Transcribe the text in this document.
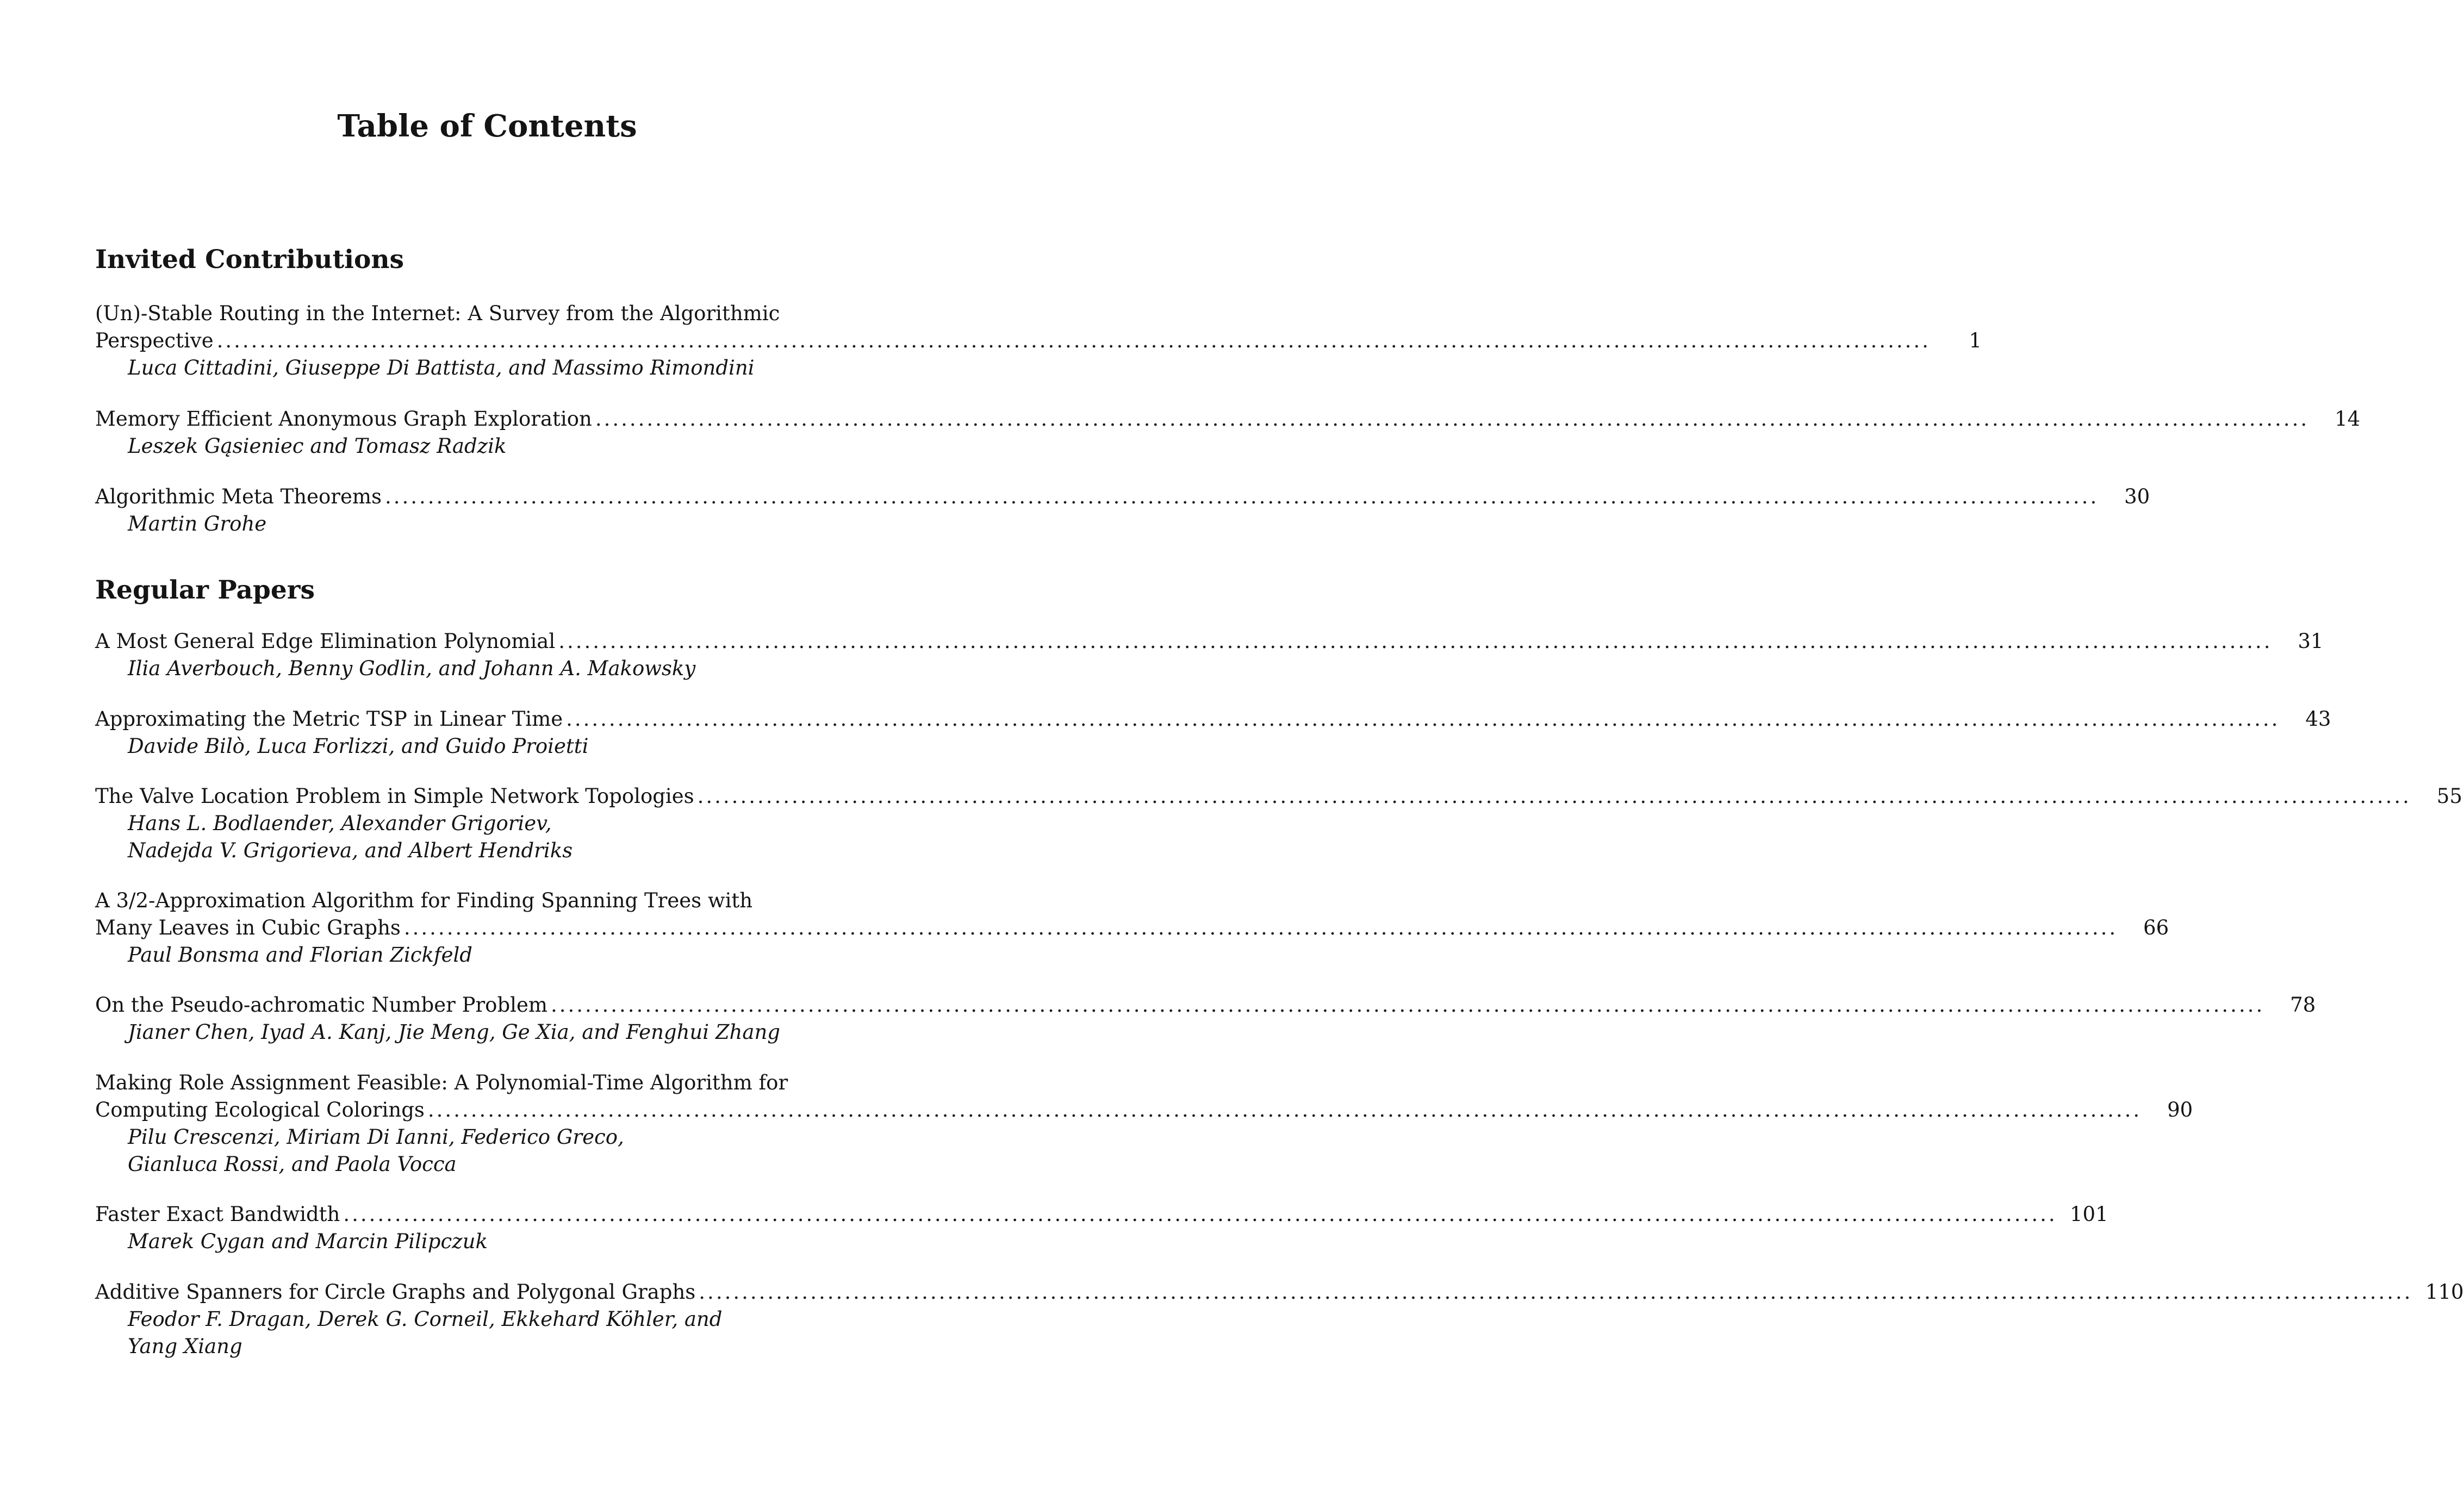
Table of Contents
Invited Contributions
(Un)-Stable Routing in the Internet: A Survey from the Algorithmic
Perspective ........................................................................................................................................................................................................	1
Luca Cittadini, Giuseppe Di Battista, and Massimo Rimondini
Memory Efficient Anonymous Graph Exploration ........................................................................................................................................................................................................	14
Leszek Gąsieniec and Tomasz Radzik
Algorithmic Meta Theorems ........................................................................................................................................................................................................	30
Martin Grohe
Regular Papers
A Most General Edge Elimination Polynomial ........................................................................................................................................................................................................	31
Ilia Averbouch, Benny Godlin, and Johann A. Makowsky
Approximating the Metric TSP in Linear Time ........................................................................................................................................................................................................	43
Davide Bilò, Luca Forlizzi, and Guido Proietti
The Valve Location Problem in Simple Network Topologies ........................................................................................................................................................................................................	55
Hans L. Bodlaender, Alexander Grigoriev,
Nadejda V. Grigorieva, and Albert Hendriks
A 3/2-Approximation Algorithm for Finding Spanning Trees with
Many Leaves in Cubic Graphs ........................................................................................................................................................................................................	66
Paul Bonsma and Florian Zickfeld
On the Pseudo-achromatic Number Problem ........................................................................................................................................................................................................	78
Jianer Chen, Iyad A. Kanj, Jie Meng, Ge Xia, and Fenghui Zhang
Making Role Assignment Feasible: A Polynomial-Time Algorithm for
Computing Ecological Colorings ........................................................................................................................................................................................................	90
Pilu Crescenzi, Miriam Di Ianni, Federico Greco,
Gianluca Rossi, and Paola Vocca
Faster Exact Bandwidth ........................................................................................................................................................................................................ 101
Marek Cygan and Marcin Pilipczuk
Additive Spanners for Circle Graphs and Polygonal Graphs ........................................................................................................................................................................................................ 110
Feodor F. Dragan, Derek G. Corneil, Ekkehard Köhler, and
Yang Xiang
